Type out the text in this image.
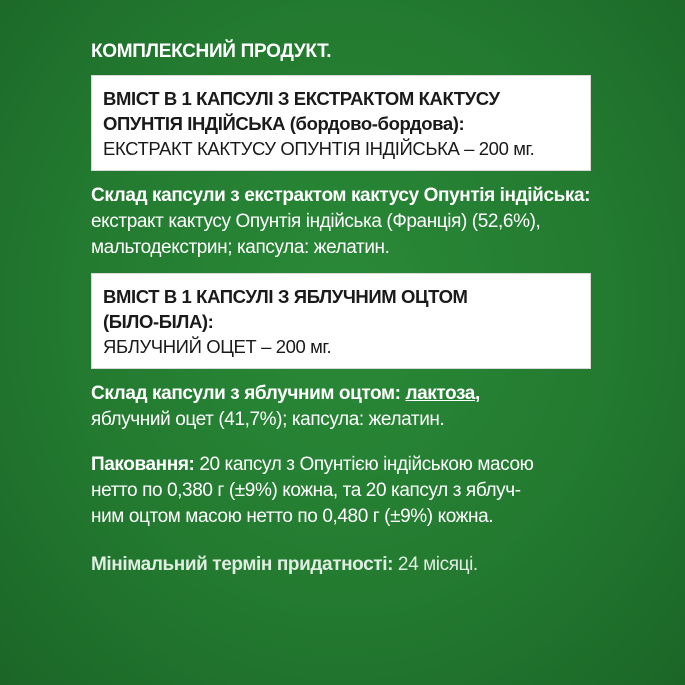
КОМПЛЕКСНИЙ ПРОДУКТ.
ВМІСТ В 1 КАПСУЛІ З ЕКСТРАКТОМ КАКТУСУ
ОПУНТІЯ ІНДІЙСЬКА (бордово-бордова):
ЕКСТРАКТ КАКТУСУ ОПУНТІЯ ІНДІЙСЬКА – 200 мг.

Склад капсули з екстрактом кактусу Опунтія індійська: екстракт кактусу Опунтія індійська (Франція) (52,6%), мальтодекстрин; капсула: желатин.

ВМІСТ В 1 КАПСУЛІ З ЯБЛУЧНИМ ОЦТОМ
(БІЛО-БІЛА):
ЯБЛУЧНИЙ ОЦЕТ – 200 мг.

Склад капсули з яблучним оцтом: лактоза,
яблучний оцет (41,7%); капсула: желатин.

Паковання: 20 капсул з Опунтією індійською масою
нетто по 0,380 г (±9%) кожна, та 20 капсул з яблуч-
ним оцтом масою нетто по 0,480 г (±9%) кожна.

Мінімальний термін придатності: 24 місяці.
